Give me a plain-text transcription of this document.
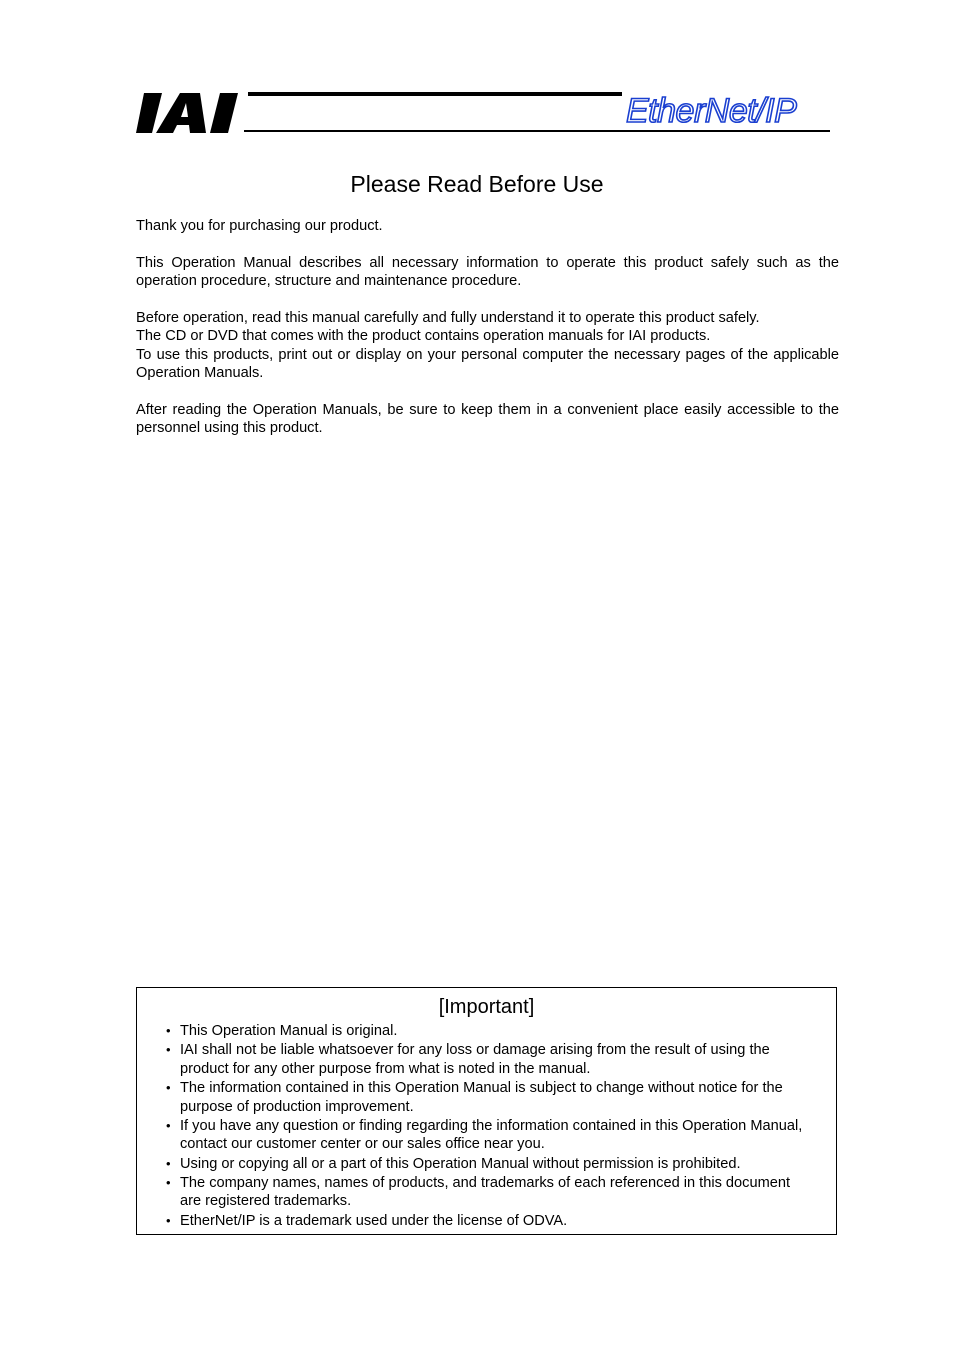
EtherNet/IP
Please Read Before Use

Thank you for purchasing our product.

This Operation Manual describes all necessary information to operate this product safely such as the operation procedure, structure and maintenance procedure.

Before operation, read this manual carefully and fully understand it to operate this product safely.

The CD or DVD that comes with the product contains operation manuals for IAI products.

To use this products, print out or display on your personal computer the necessary pages of the applicable Operation Manuals.

After reading the Operation Manuals, be sure to keep them in a convenient place easily accessible to the personnel using this product.

[Important]
• This Operation Manual is original.
• IAI shall not be liable whatsoever for any loss or damage arising from the result of using the product for any other purpose from what is noted in the manual.
• The information contained in this Operation Manual is subject to change without notice for the purpose of production improvement.
• If you have any question or finding regarding the information contained in this Operation Manual, contact our customer center or our sales office near you.
• Using or copying all or a part of this Operation Manual without permission is prohibited.
• The company names, names of products, and trademarks of each referenced in this document are registered trademarks.
• EtherNet/IP is a trademark used under the license of ODVA.
